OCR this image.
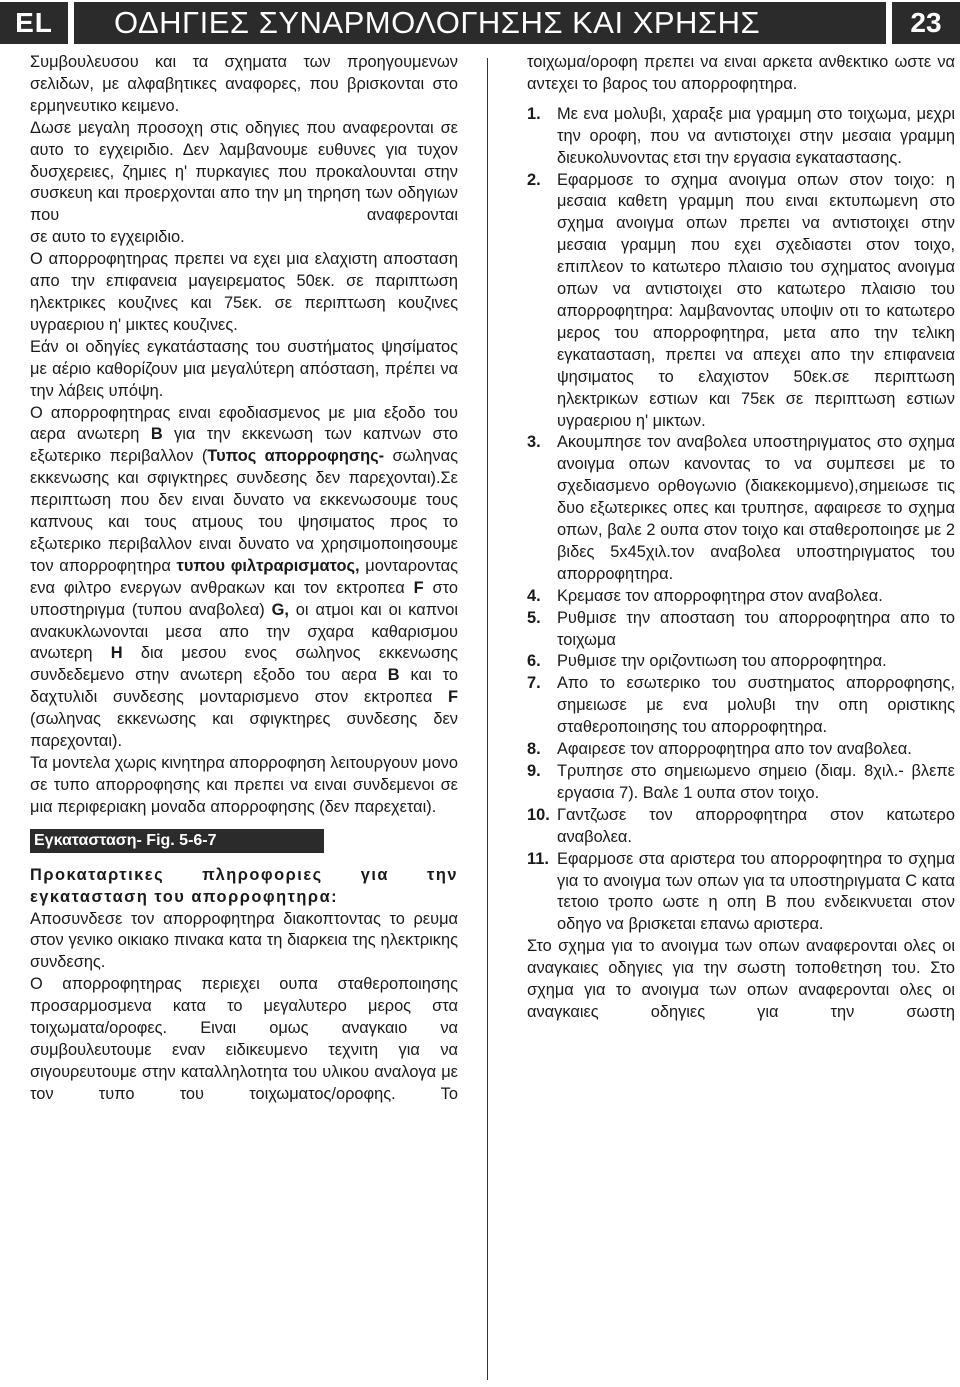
EL	ΟΔΗΓΙΕΣ ΣΥΝΑΡΜΟΛΟΓΗΣΗΣ ΚΑΙ ΧΡΗΣΗΣ	23

Συμβουλευσου και τα σχηματα των προηγουμενων σελιδων, με αλφαβητικες αναφορες, που βρισκονται στο ερμηνευτικο κειμενο.

Δωσε μεγαλη προσοχη στις οδηγιες που αναφερονται σε αυτο το εγχειριδιο. Δεν λαμβανουμε ευθυνες για τυχον δυσχερειες, ζημιες η' πυρκαγιες που προκαλουνται στην συσκευη και προερχονται απο την μη τηρηση των οδηγιων που αναφερονται

σε αυτο το εγχειριδιο.

Ο απορροφητηρας πρεπει να εχει μια ελαχιστη αποσταση απο την επιφανεια μαγειρεματος 50εκ. σε παριπτωση ηλεκτρικες κουζινες και 75εκ. σε περιπτωση κουζινες υγραεριου η' μικτες κουζινες.

Εάν οι οδηγίες εγκατάστασης του συστήματος ψησίματος με αέριο καθορίζουν μια μεγαλύτερη απόσταση, πρέπει να την λάβεις υπόψη.

Ο απορροφητηρας ειναι εφοδιασμενος με μια εξοδο του αερα ανωτερη B για την εκκενωση των καπνων στο εξωτερικο περιβαλλον (Τυπος απορροφησης- σωληνας εκκενωσης και σφιγκτηρες συνδεσης δεν παρεχονται).Σε περιπτωση που δεν ειναι δυνατο να εκκενωσουμε τους καπνους και τους ατμους του ψησιματος προς το εξωτερικο περιβαλλον ειναι δυνατο να χρησιμοποιησουμε τον απορροφητηρα τυπου φιλτραρισματος, μονταροντας ενα φιλτρο ενεργων ανθρακων και τον εκτροπεα F στο υποστηριγμα (τυπου αναβολεα) G, οι ατμοι και οι καπνοι ανακυκλωνονται μεσα απο την σχαρα καθαρισμου ανωτερη H δια μεσου ενος σωληνος εκκενωσης συνδεδεμενο στην ανωτερη εξοδο του αερα B και το δαχτυλιδι συνδεσης μονταρισμενο στον εκτροπεα F (σωληνας εκκενωσης και σφιγκτηρες συνδεσης δεν παρεχονται).

Τα μοντελα χωρις κινητηρα απορροφηση λειτουργουν μονο σε τυπο απορροφησης και πρεπει να ειναι συνδεμενοι σε μια περιφεριακη μοναδα απορροφησης (δεν παρεχεται).

Εγκατασταση- Fig. 5-6-7

Προκαταρτικες πληροφοριες για την εγκατασταση του απορροφητηρα:

Αποσυνδεσε τον απορροφητηρα διακοπτοντας το ρευμα στον γενικο οικιακο πινακα κατα τη διαρκεια της ηλεκτρικης συνδεσης.

Ο απορροφητηρας περιεχει ουπα σταθεροποιησης προσαρμοσμενα κατα το μεγαλυτερο μερος στα τοιχωματα/οροφες. Ειναι ομως αναγκαιο να συμβουλευτουμε εναν ειδικευμενο τεχνιτη για να σιγουρευτουμε στην καταλληλοτητα του υλικου αναλογα με τον τυπο του τοιχωματος/οροφης. Το

τοιχωμα/οροφη πρεπει να ειναι αρκετα ανθεκτικο ωστε να αντεχει το βαρος του απορροφητηρα.

1. Με ενα μολυβι, χαραξε μια γραμμη στο τοιχωμα, μεχρι την οροφη, που να αντιστοιχει στην μεσαια γραμμη διευκολυνοντας ετσι την εργασια εγκαταστασης.
2. Εφαρμοσε το σχημα ανοιγμα οπων στον τοιχο: η μεσαια καθετη γραμμη που ειναι εκτυπωμενη στο σχημα ανοιγμα οπων πρεπει να αντιστοιχει στην μεσαια γραμμη που εχει σχεδιαστει στον τοιχο, επιπλεον το κατωτερο πλαισιο του σχηματος ανοιγμα οπων να αντιστοιχει στο κατωτερο πλαισιο του απορροφητηρα: λαμβανοντας υποψιν οτι το κατωτερο μερος του απορροφητηρα, μετα απο την τελικη εγκατασταση, πρεπει να απεχει απο την επιφανεια ψησιματος το ελαχιστον 50εκ.σε περιπτωση ηλεκτρικων εστιων και 75εκ σε περιπτωση εστιων υγραεριου η' μικτων.
3. Ακουμπησε τον αναβολεα υποστηριγματος στο σχημα ανοιγμα οπων κανοντας το να συμπεσει με το σχεδιασμενο ορθογωνιο (διακεκομμενο),σημειωσε τις δυο εξωτερικες οπες και τρυπησε, αφαιρεσε το σχημα οπων, βαλε 2 ουπα στον τοιχο και σταθεροποιησε με 2 βιδες 5x45χιλ.τον αναβολεα υποστηριγματος του απορροφητηρα.
4. Κρεμασε τον απορροφητηρα στον αναβολεα.
5. Ρυθμισε την αποσταση του απορροφητηρα απο το τοιχωμα
6. Ρυθμισε την οριζοντιωση του απορροφητηρα.
7. Απο το εσωτερικο του συστηματος απορροφησης, σημειωσε με ενα μολυβι την οπη οριστικης σταθεροποιησης του απορροφητηρα.
8. Αφαιρεσε τον απορροφητηρα απο τον αναβολεα.
9. Τρυπησε στο σημειωμενο σημειο (διαμ. 8χιλ.- βλεπε εργασια 7). Βαλε 1 ουπα στον τοιχο.
10. Γαντζωσε τον απορροφητηρα στον κατωτερο αναβολεα.
11. Εφαρμοσε στα αριστερα του απορροφητηρα το σχημα για το ανοιγμα των οπων για τα υποστηριγματα C κατα τετοιο τροπο ωστε η οπη B που ενδεικνυεται στον οδηγο να βρισκεται επανω αριστερα.

Στο σχημα για το ανοιγμα των οπων αναφερονται ολες οι αναγκαιες οδηγιες για την σωστη τοποθετηση του. Στο σχημα για το ανοιγμα των οπων αναφερονται ολες οι αναγκαιες οδηγιες για την σωστη
